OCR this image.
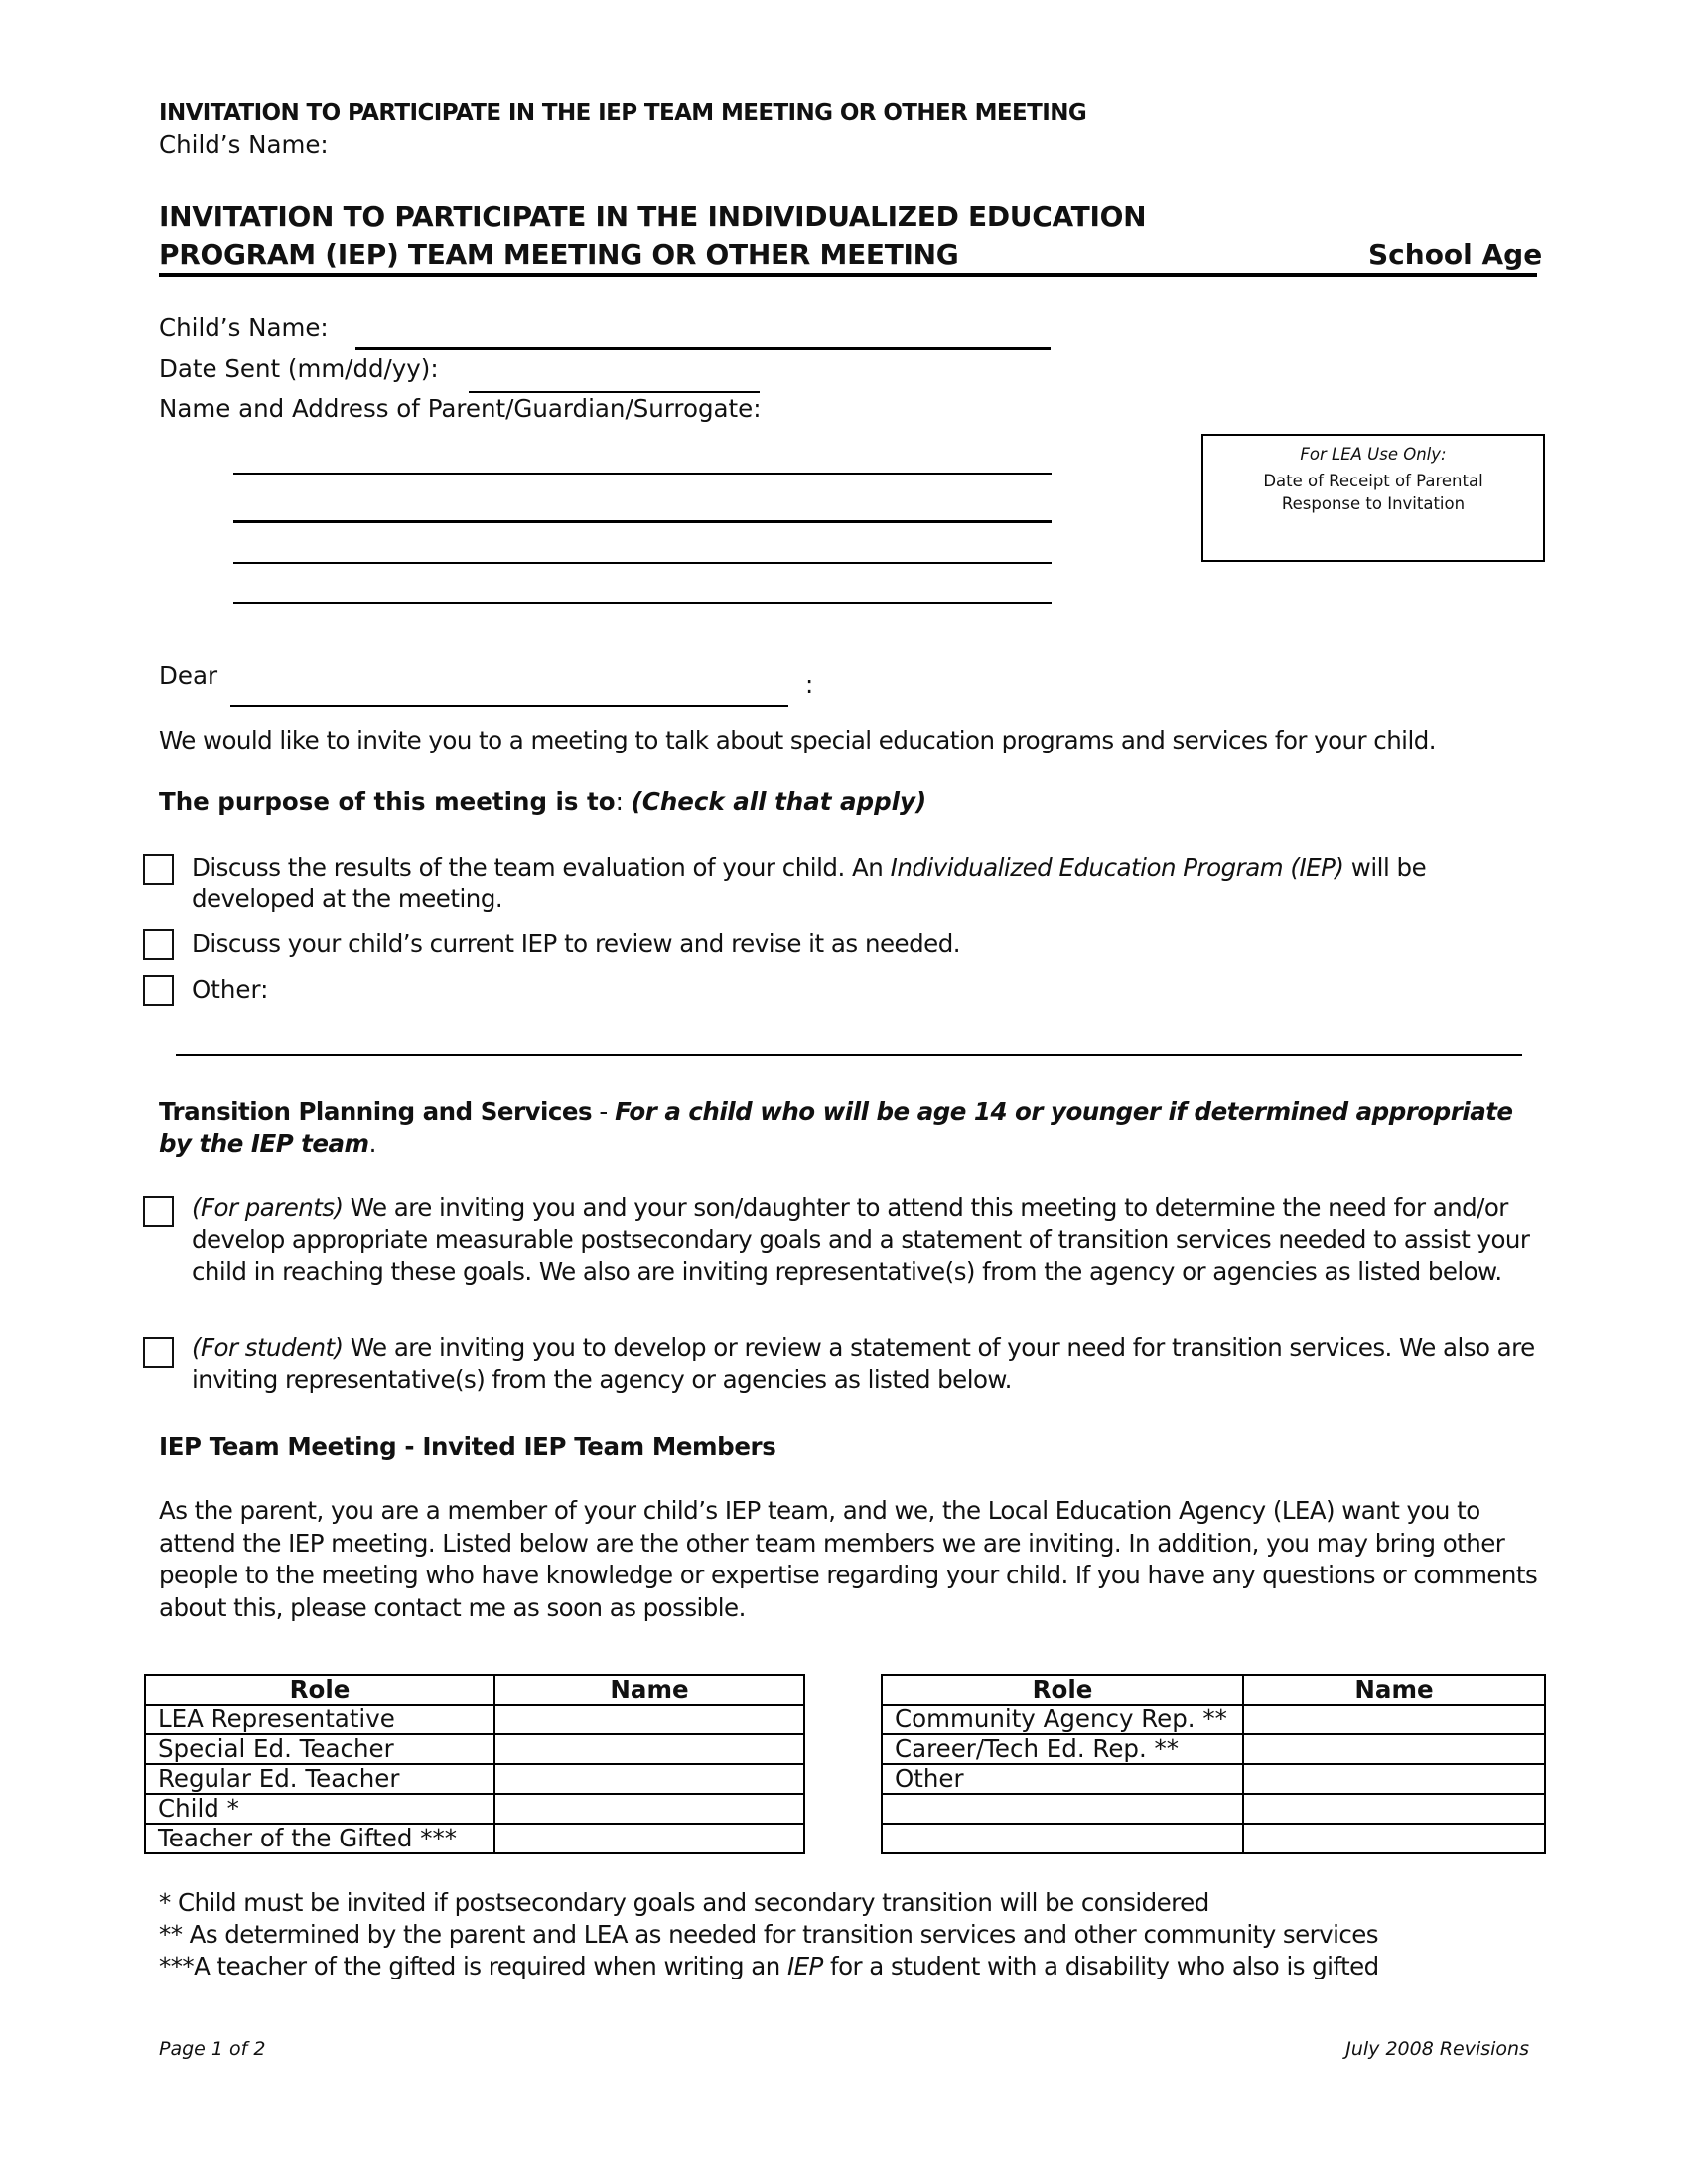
INVITATION TO PARTICIPATE IN THE IEP TEAM MEETING OR OTHER MEETING
Child’s Name:
INVITATION TO PARTICIPATE IN THE INDIVIDUALIZED EDUCATION
PROGRAM (IEP) TEAM MEETING OR OTHER MEETING	School Age
Child’s Name:
Date Sent (mm/dd/yy):
Name and Address of Parent/Guardian/Surrogate:
For LEA Use Only:
Date of Receipt of Parental
Response to Invitation
Dear	:
We would like to invite you to a meeting to talk about special education programs and services for your child.
The purpose of this meeting is to: (Check all that apply)
Discuss the results of the team evaluation of your child. An Individualized Education Program (IEP) will be developed at the meeting.
Discuss your child’s current IEP to review and revise it as needed.
Other:
Transition Planning and Services - For a child who will be age 14 or younger if determined appropriate by the IEP team.
(For parents) We are inviting you and your son/daughter to attend this meeting to determine the need for and/or develop appropriate measurable postsecondary goals and a statement of transition services needed to assist your child in reaching these goals. We also are inviting representative(s) from the agency or agencies as listed below.
(For student) We are inviting you to develop or review a statement of your need for transition services. We also are inviting representative(s) from the agency or agencies as listed below.
IEP Team Meeting - Invited IEP Team Members
As the parent, you are a member of your child’s IEP team, and we, the Local Education Agency (LEA) want you to attend the IEP meeting. Listed below are the other team members we are inviting. In addition, you may bring other people to the meeting who have knowledge or expertise regarding your child. If you have any questions or comments about this, please contact me as soon as possible.
Role	Name
LEA Representative	
Special Ed. Teacher	
Regular Ed. Teacher	
Child *	
Teacher of the Gifted ***	
Role	Name
Community Agency Rep. **	
Career/Tech Ed. Rep. **	
Other	

* Child must be invited if postsecondary goals and secondary transition will be considered
** As determined by the parent and LEA as needed for transition services and other community services
***A teacher of the gifted is required when writing an IEP for a student with a disability who also is gifted
Page 1 of 2	July 2008 Revisions
